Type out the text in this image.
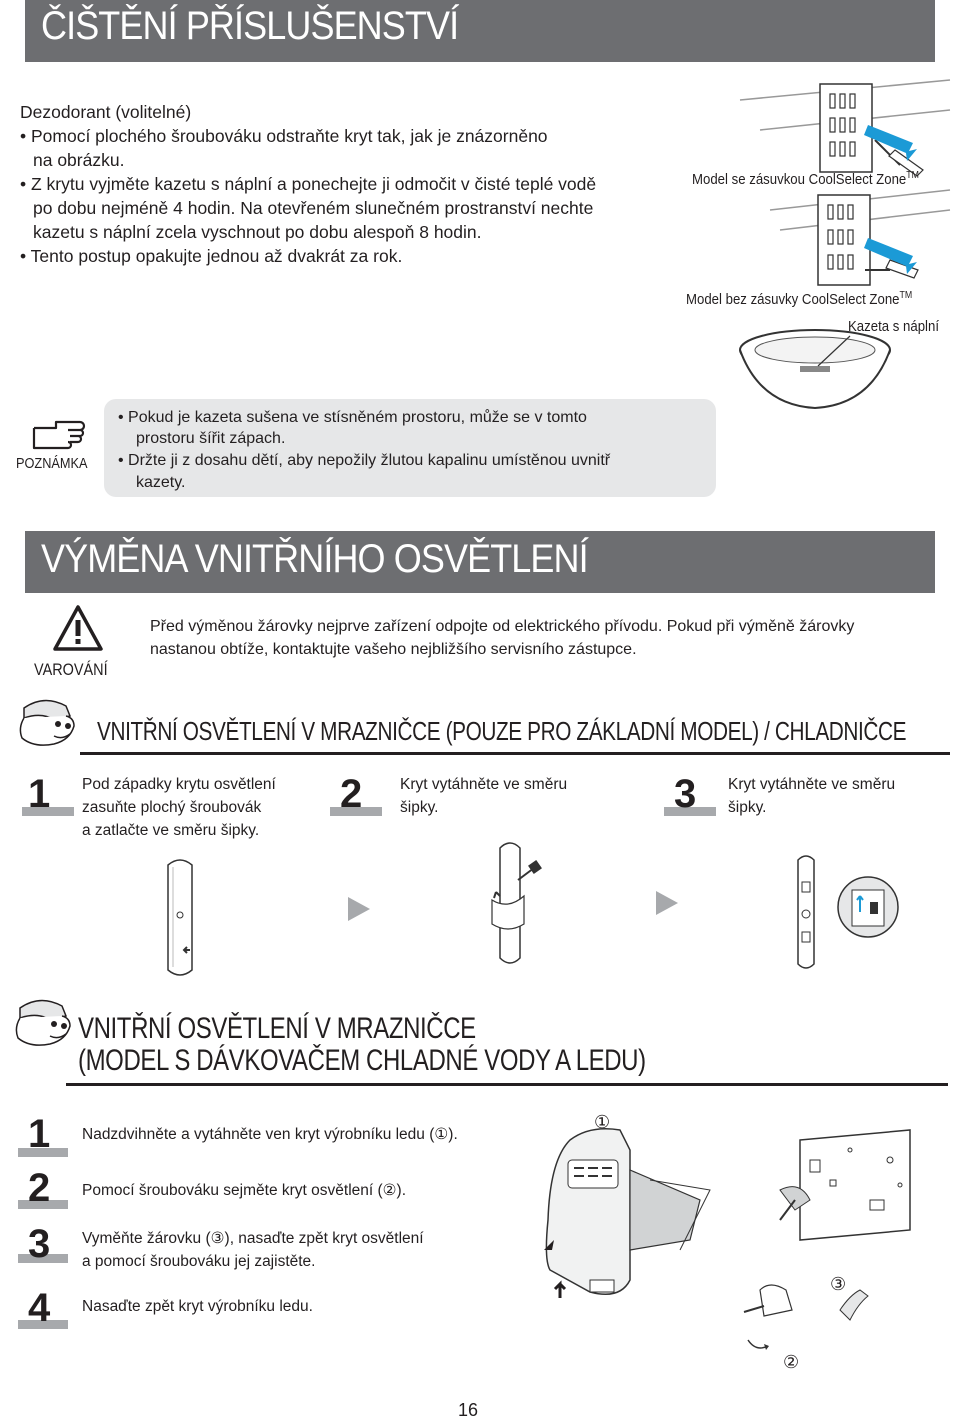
ČIŠTĚNÍ PŘÍSLUŠENSTVÍ
Dezodorant (volitelné)
• Pomocí plochého šroubováku odstraňte kryt tak, jak je znázorněno
na obrázku.
• Z krytu vyjměte kazetu s náplní a ponechejte ji odmočit v čisté teplé vodě
po dobu nejméně 4 hodin. Na otevřeném slunečném prostranství nechte
kazetu s náplní zcela vyschnout po dobu alespoň 8 hodin.
• Tento postup opakujte jednou až dvakrát za rok.
Model se zásuvkou CoolSelect Zone™
Model bez zásuvky CoolSelect Zone™
Kazeta s náplní
POZNÁMKA
• Pokud je kazeta sušena ve stísněném prostoru, může se v tomto
prostoru šířit zápach.
• Držte ji z dosahu dětí, aby nepožily žlutou kapalinu umístěnou uvnitř
kazety.
VÝMĚNA VNITŘNÍHO OSVĚTLENÍ
VAROVÁNÍ
Před výměnou žárovky nejprve zařízení odpojte od elektrického přívodu. Pokud při výměně žárovky
nastanou obtíže, kontaktujte vašeho nejbližšího servisního zástupce.
VNITŘNÍ OSVĚTLENÍ V MRAZNIČCE (POUZE PRO ZÁKLADNÍ MODEL) / CHLADNIČCE
1 Pod západky krytu osvětlení
zasuňte plochý šroubovák
a zatlačte ve směru šipky.
2 Kryt vytáhněte ve směru
šipky.	3 Kryt vytáhněte ve směru
šipky.
VNITŘNÍ OSVĚTLENÍ V MRAZNIČCE
(MODEL S DÁVKOVAČEM CHLADNÉ VODY A LEDU)
1 Nadzdvihněte a vytáhněte ven kryt výrobníku ledu (①).
2 Pomocí šroubováku sejměte kryt osvětlení (②).
3 Vyměňte žárovku (③), nasaďte zpět kryt osvětlení
a pomocí šroubováku jej zajistěte.
4 Nasaďte zpět kryt výrobníku ledu.
①
②
③
16
